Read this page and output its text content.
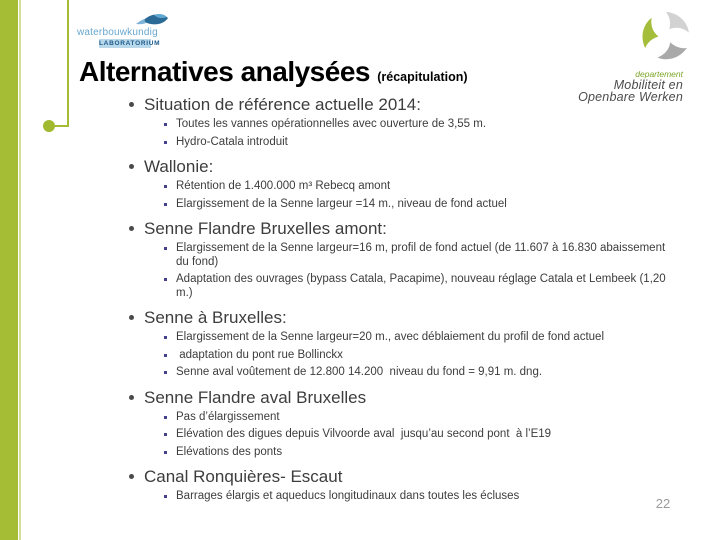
waterbouwkundig
LABORATORIUM
departement
Mobiliteit en
Openbare Werken
Alternatives analysées (récapitulation)
Situation de référence actuelle 2014:
Toutes les vannes opérationnelles avec ouverture de 3,55 m.
Hydro-Catala introduit
Wallonie:
Rétention de 1.400.000 m³ Rebecq amont
Elargissement de la Senne largeur =14 m., niveau de fond actuel
Senne Flandre Bruxelles amont:
Elargissement de la Senne largeur=16 m, profil de fond actuel (de 11.607 à 16.830 abaissement du fond)
Adaptation des ouvrages (bypass Catala, Pacapime), nouveau réglage Catala et Lembeek (1,20 m.)
Senne à Bruxelles:
Elargissement de la Senne largeur=20 m., avec déblaiement du profil de fond actuel
adaptation du pont rue Bollinckx
Senne aval voûtement de 12.800 14.200  niveau du fond = 9,91 m. dng.
Senne Flandre aval Bruxelles
Pas d’élargissement
Elévation des digues depuis Vilvoorde aval  jusqu’au second pont  à l’E19
Elévations des ponts
Canal Ronquières- Escaut
Barrages élargis et aqueducs longitudinaux dans toutes les écluses	22
